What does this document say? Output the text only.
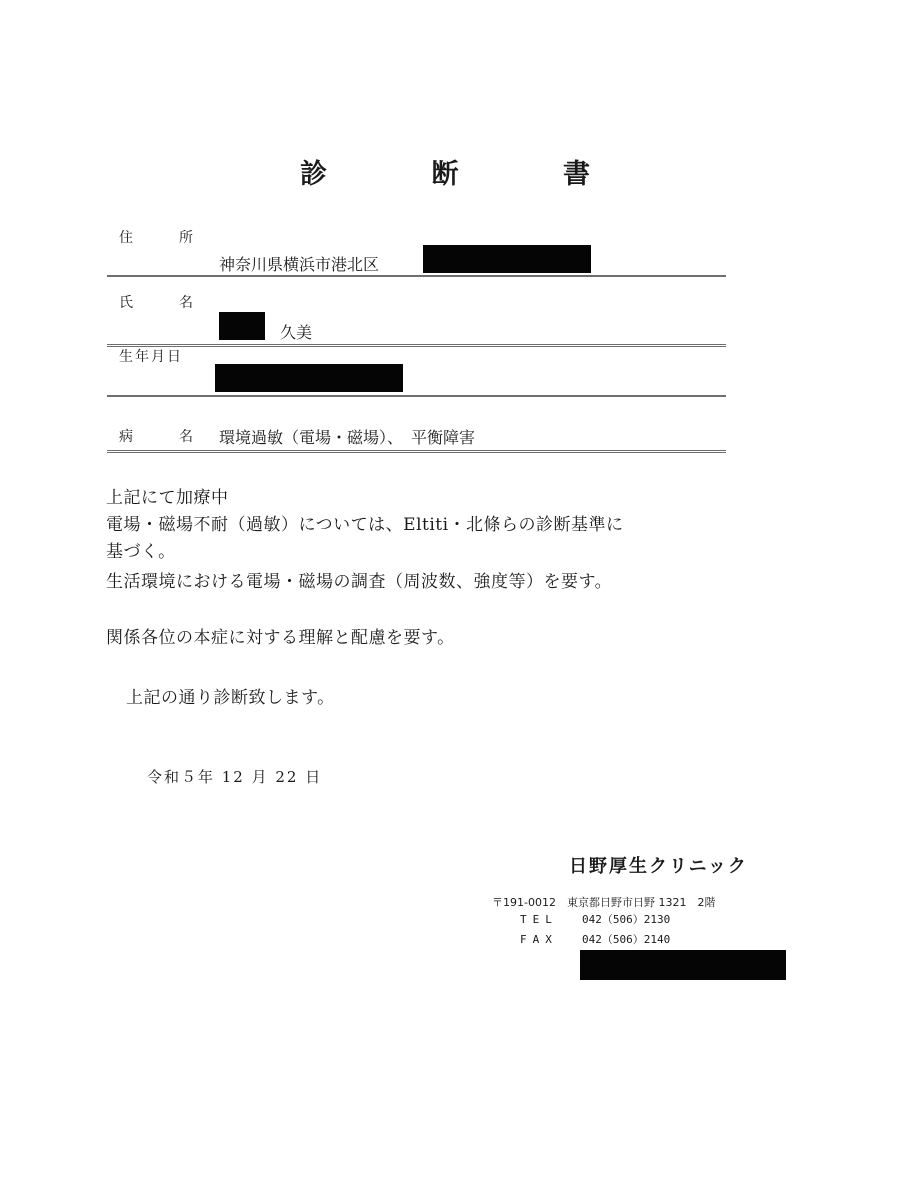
診	断	書
住　所
神奈川県横浜市港北区
氏　名
久美
生年月日
病　名 環境過敏（電場・磁場）、　平衡障害
上記にて加療中
電場・磁場不耐（過敏）については、Eltiti・北條らの診断基準に
基づく。
生活環境における電場・磁場の調査（周波数、強度等）を要す。
関係各位の本症に対する理解と配慮を要す。
上記の通り診断致します。
令和５年 12 月 22 日
日野厚生クリニック
〒191-0012　東京都日野市日野 1321　2階
TEL 042（506）2130
FAX 042（506）2140
